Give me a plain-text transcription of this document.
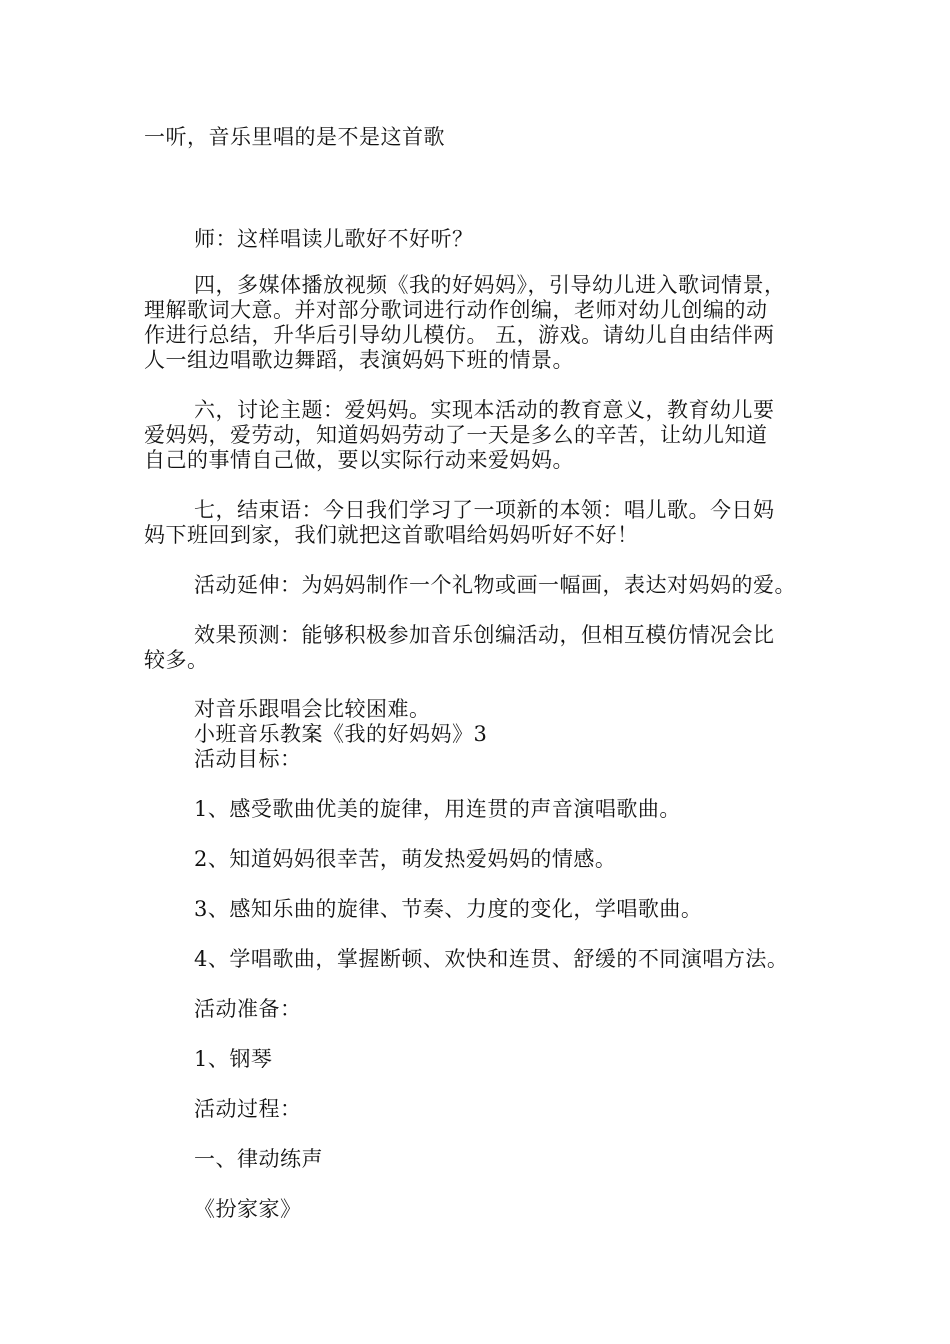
一听，音乐里唱的是不是这首歌
师：这样唱读儿歌好不好听？
四，多媒体播放视频《我的好妈妈》，引导幼儿进入歌词情景，
理解歌词大意。并对部分歌词进行动作创编，老师对幼儿创编的动
作进行总结，升华后引导幼儿模仿。 五，游戏。请幼儿自由结伴两
人一组边唱歌边舞蹈，表演妈妈下班的情景。
六，讨论主题：爱妈妈。实现本活动的教育意义，教育幼儿要
爱妈妈，爱劳动，知道妈妈劳动了一天是多么的辛苦，让幼儿知道
自己的事情自己做，要以实际行动来爱妈妈。
七，结束语：今日我们学习了一项新的本领：唱儿歌。今日妈
妈下班回到家，我们就把这首歌唱给妈妈听好不好！
活动延伸：为妈妈制作一个礼物或画一幅画，表达对妈妈的爱。
效果预测：能够积极参加音乐创编活动，但相互模仿情况会比
较多。
对音乐跟唱会比较困难。
小班音乐教案《我的好妈妈》3
活动目标：
1、感受歌曲优美的旋律，用连贯的声音演唱歌曲。
2、知道妈妈很幸苦，萌发热爱妈妈的情感。
3、感知乐曲的旋律、节奏、力度的变化，学唱歌曲。
4、学唱歌曲，掌握断顿、欢快和连贯、舒缓的不同演唱方法。
活动准备：
1、钢琴
活动过程：
一、律动练声
《扮家家》
